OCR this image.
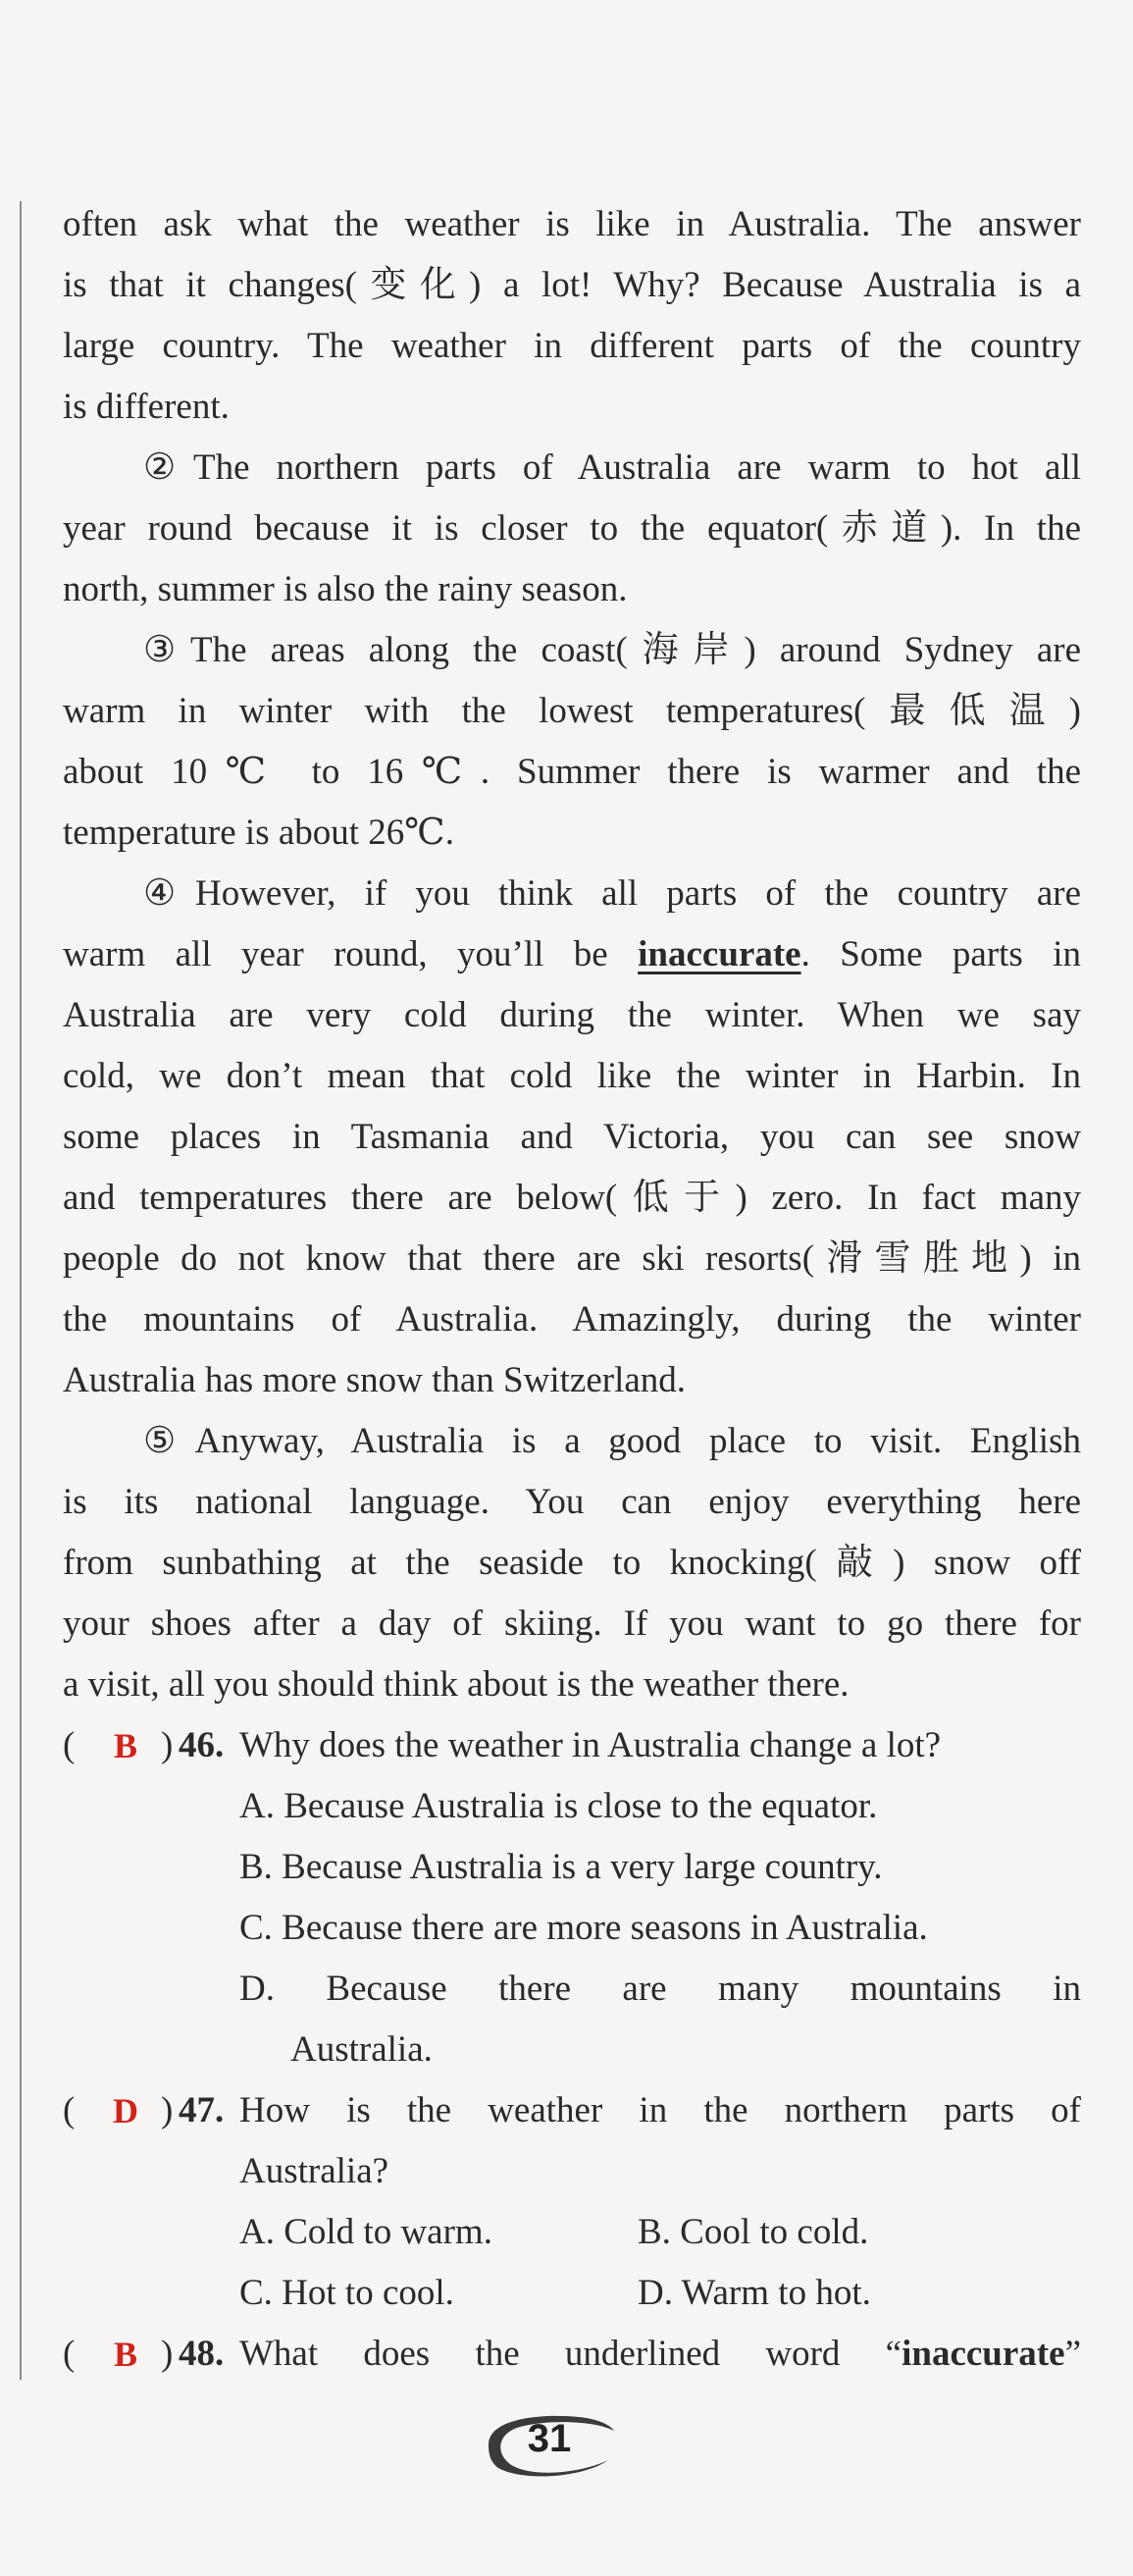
often ask what the weather is like in Australia. The answer
is that it changes(变化) a lot! Why? Because Australia is a
large country. The weather in different parts of the country
is different.
②The northern parts of Australia are warm to hot all
year round because it is closer to the equator(赤道). In the
north, summer is also the rainy season.
③The areas along the coast(海岸) around Sydney are
warm in winter with the lowest temperatures(最低温)
about 10℃ to 16℃. Summer there is warmer and the
temperature is about 26℃.
④However, if you think all parts of the country are
warm all year round, you’ll be inaccurate. Some parts in
Australia are very cold during the winter. When we say
cold, we don’t mean that cold like the winter in Harbin. In
some places in Tasmania and Victoria, you can see snow
and temperatures there are below(低于) zero. In fact many
people do not know that there are ski resorts(滑雪胜地) in
the mountains of Australia. Amazingly, during the winter
Australia has more snow than Switzerland.
⑤Anyway, Australia is a good place to visit. English
is its national language. You can enjoy everything here
from sunbathing at the seaside to knocking(敲) snow off
your shoes after a day of skiing. If you want to go there for
a visit, all you should think about is the weather there.
( B ) 46. Why does the weather in Australia change a lot?
A. Because Australia is close to the equator.
B. Because Australia is a very large country.
C. Because there are more seasons in Australia.
D. Because there are many mountains in
Australia.
( D ) 47. How is the weather in the northern parts of
Australia?
A. Cold to warm.	B. Cool to cold.
C. Hot to cool.	D. Warm to hot.
( B ) 48. What does the underlined word “inaccurate”
31
